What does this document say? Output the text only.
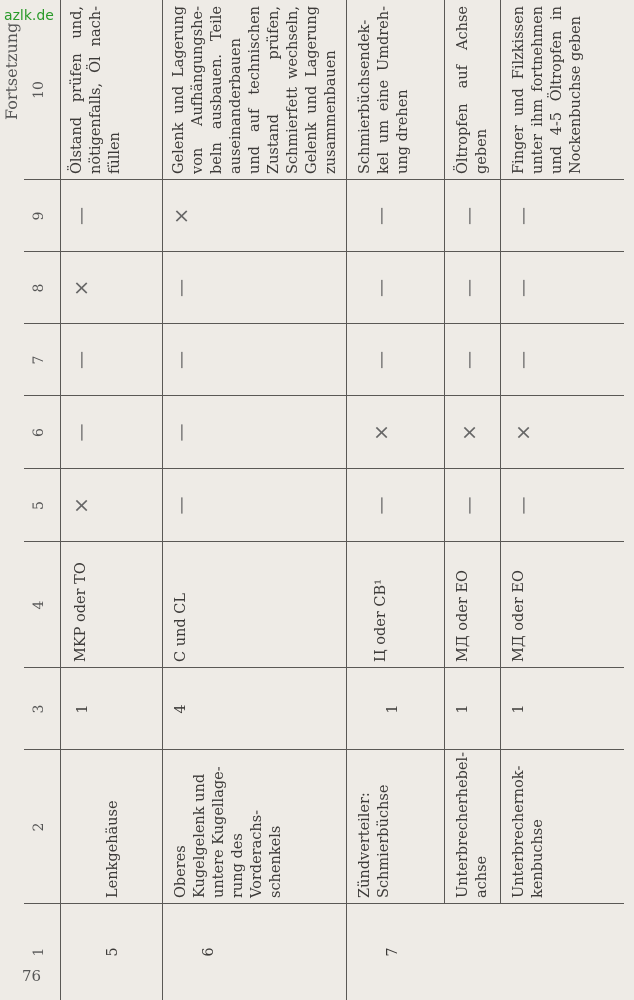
azlk.de
76
Fortsetzung
1
2
3
4
5
6
7
8
9
10
5
Lenkgehäuse
1
MKP oder TO
×
—
—
×
—
Ölstand prüfen und, nötigenfalls, Öl nachfüllen
6
Oberes Kugelgelenk und untere Kugellagerung des Vorderachsschenkels
4
C und CL
—
—
—
—
×
Gelenk und Lagerung von Aufhängungshebeln ausbauen. Teile auseinanderbauen und auf technischen Zustand prüfen, Schmierfett wechseln, Gelenk und Lagerung zusammenbauen
7
Zündverteiler: Schmierbüchse
1
Ц oder СВ¹
—
×
—
—
—
Schmierbüchsendekkel um eine Umdrehung drehen
Unterbrecherhebelachse
1
МД oder ЕО
—
×
—
—
—
Öltropfen auf Achse geben
Unterbrechernokkenbuchse
1
МД oder ЕО
—
×
—
—
—
Finger und Filzkissen unter ihm fortnehmen und 4-5 Öltropfen in Nockenbuchse geben
